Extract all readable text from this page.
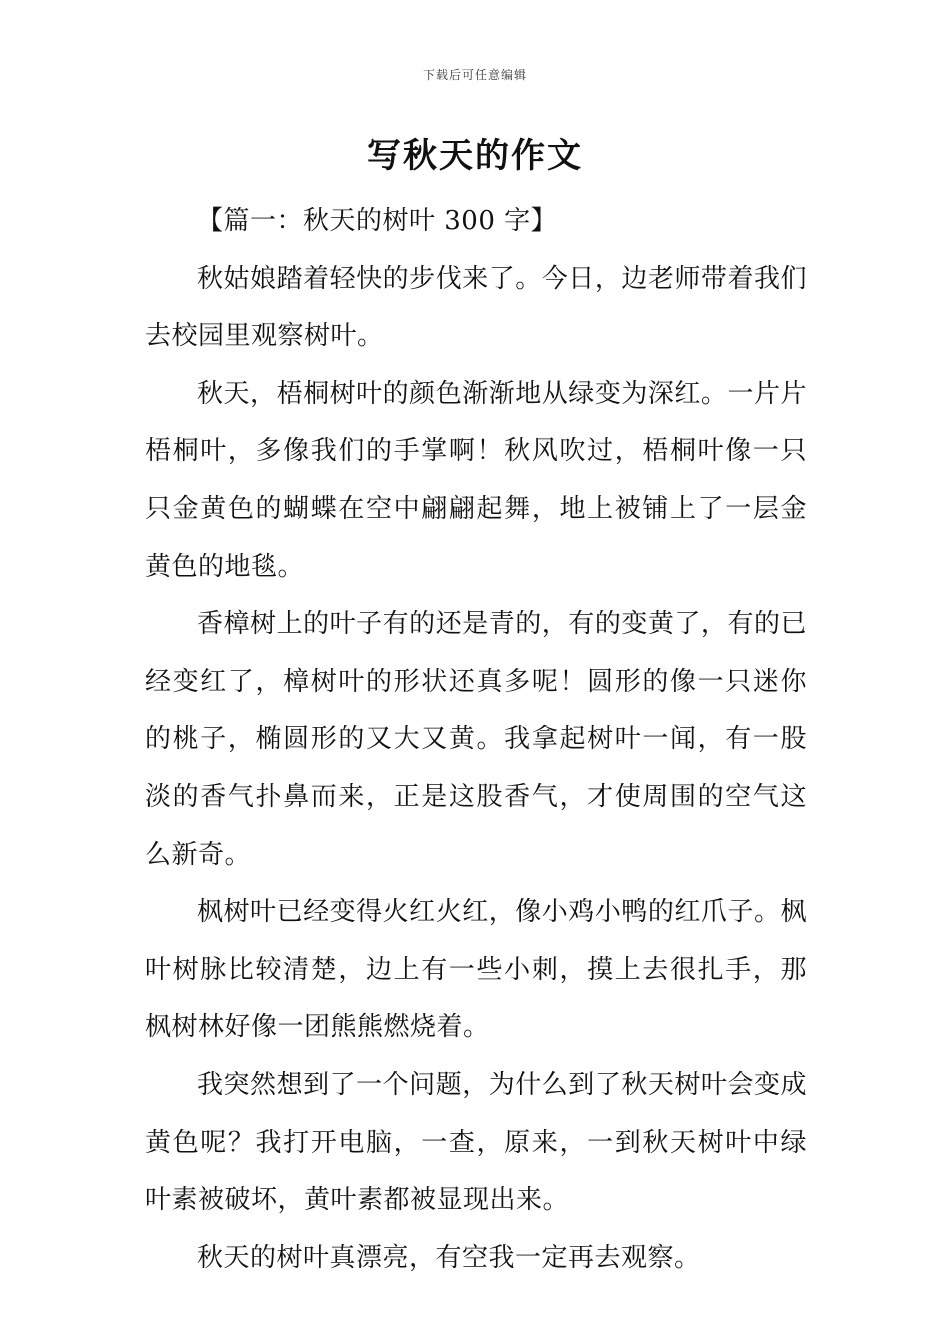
下载后可任意编辑
写秋天的作文

【篇一：秋天的树叶 300 字】

秋姑娘踏着轻快的步伐来了。今日，边老师带着我们去校园里观察树叶。

秋天，梧桐树叶的颜色渐渐地从绿变为深红。一片片梧桐叶，多像我们的手掌啊！秋风吹过，梧桐叶像一只只金黄色的蝴蝶在空中翩翩起舞，地上被铺上了一层金黄色的地毯。

香樟树上的叶子有的还是青的，有的变黄了，有的已经变红了，樟树叶的形状还真多呢！圆形的像一只迷你的桃子，椭圆形的又大又黄。我拿起树叶一闻，有一股淡的香气扑鼻而来，正是这股香气，才使周围的空气这么新奇。

枫树叶已经变得火红火红，像小鸡小鸭的红爪子。枫叶树脉比较清楚，边上有一些小刺，摸上去很扎手，那枫树林好像一团熊熊燃烧着。

我突然想到了一个问题，为什么到了秋天树叶会变成黄色呢？我打开电脑，一查，原来，一到秋天树叶中绿叶素被破坏，黄叶素都被显现出来。

秋天的树叶真漂亮，有空我一定再去观察。
